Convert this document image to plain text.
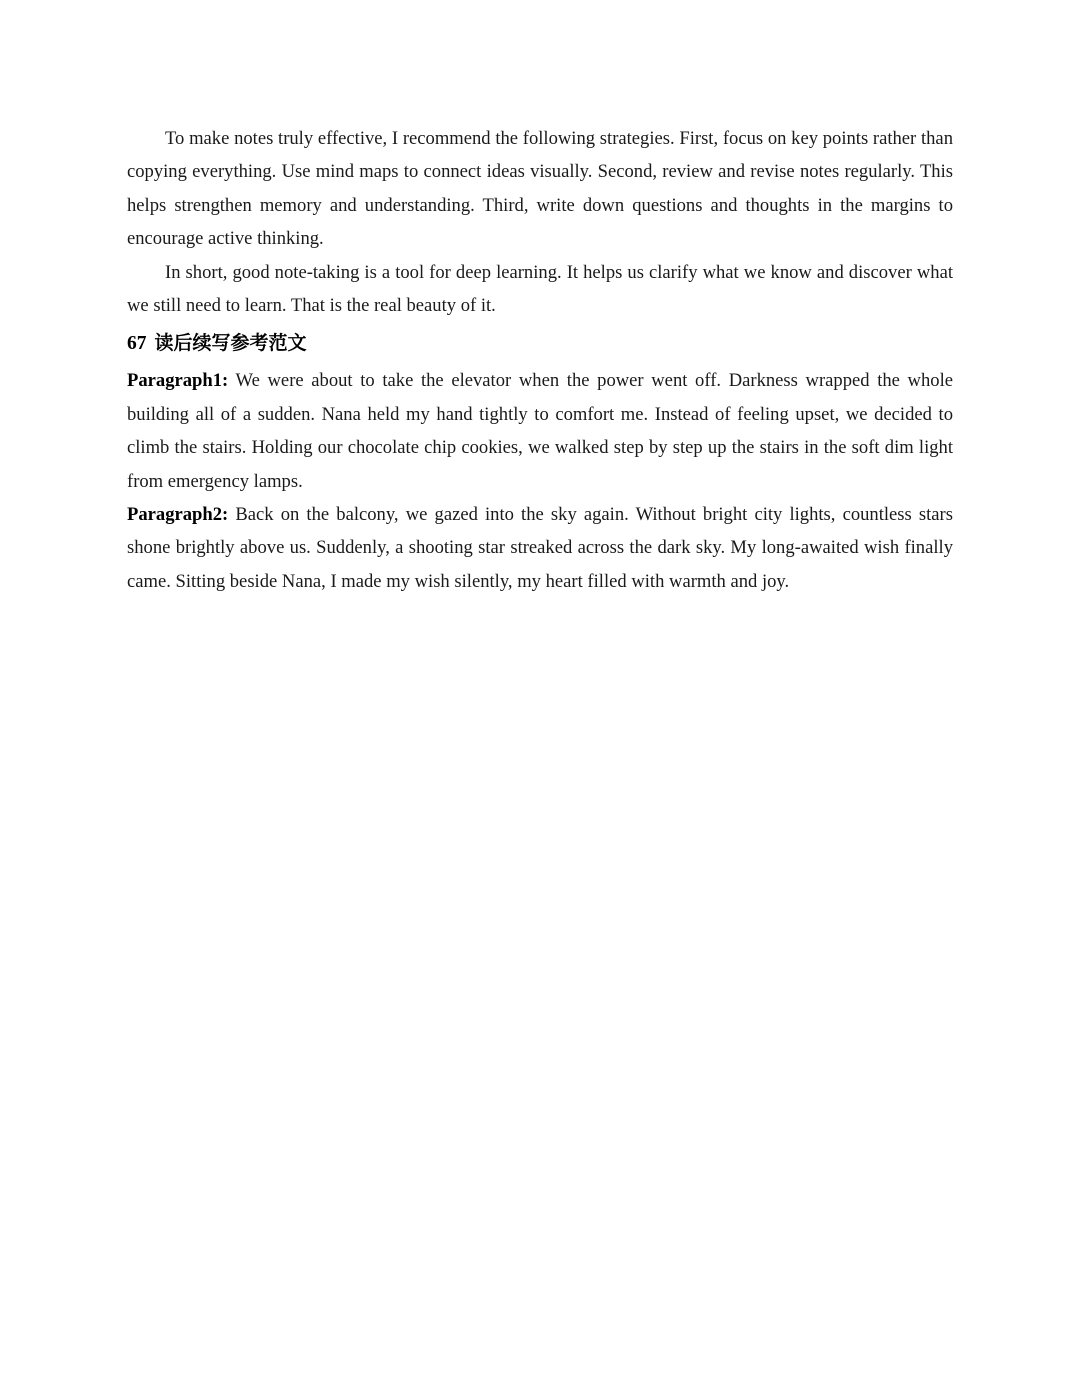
To make notes truly effective, I recommend the following strategies. First, focus on key points rather than copying everything. Use mind maps to connect ideas visually. Second, review and revise notes regularly. This helps strengthen memory and understanding. Third, write down questions and thoughts in the margins to encourage active thinking.

In short, good note-taking is a tool for deep learning. It helps us clarify what we know and discover what we still need to learn. That is the real beauty of it.

67 读后续写参考范文

Paragraph1: We were about to take the elevator when the power went off. Darkness wrapped the whole building all of a sudden. Nana held my hand tightly to comfort me. Instead of feeling upset, we decided to climb the stairs. Holding our chocolate chip cookies, we walked step by step up the stairs in the soft dim light from emergency lamps.

Paragraph2: Back on the balcony, we gazed into the sky again. Without bright city lights, countless stars shone brightly above us. Suddenly, a shooting star streaked across the dark sky. My long-awaited wish finally came. Sitting beside Nana, I made my wish silently, my heart filled with warmth and joy.
